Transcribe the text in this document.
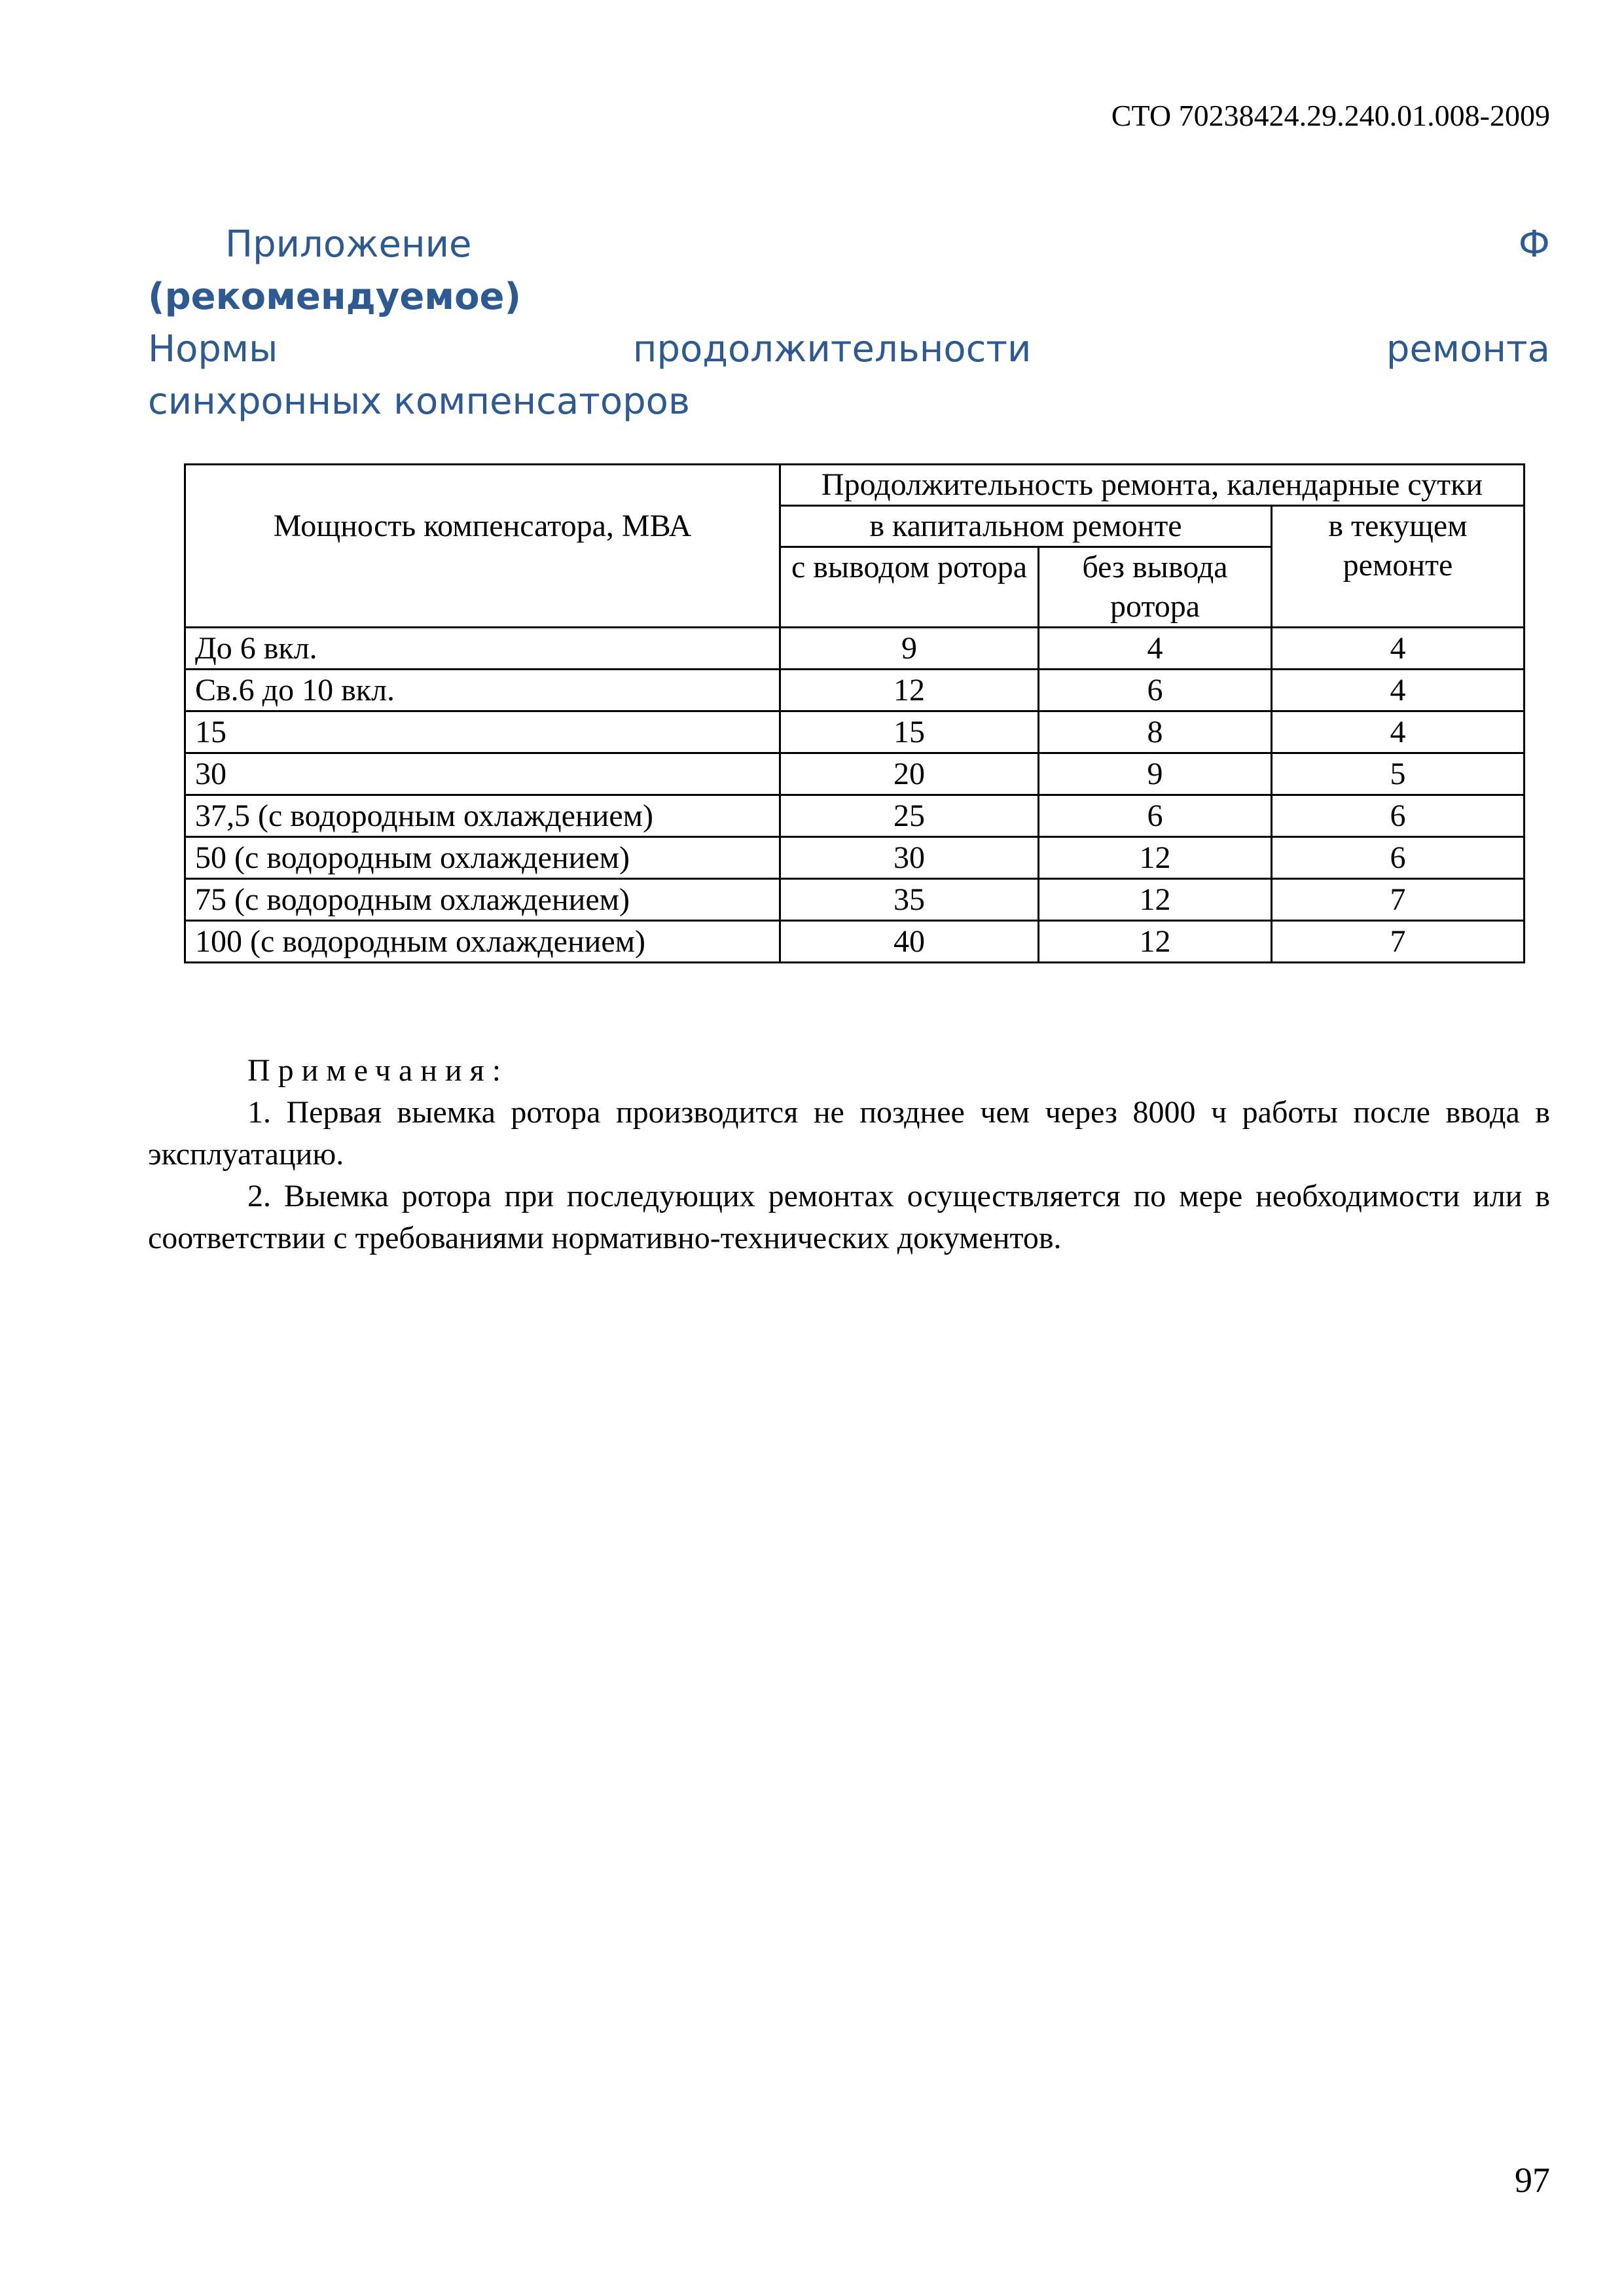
СТО 70238424.29.240.01.008-2009
Приложение	Ф
(рекомендуемое)
Нормы	продолжительности	ремонта
синхронных компенсаторов
Мощность компенсатора, МВА	Продолжительность ремонта, календарные сутки		
	в капитальном ремонте		в текущем ремонте
	с выводом ротора	без вывода ротора	
До 6 вкл.	9	4	4
Св.6 до 10 вкл.	12	6	4
15	15	8	4
30	20	9	5
37,5 (с водородным охлаждением)	25	6	6
50 (с водородным охлаждением)	30	12	6
75 (с водородным охлаждением)	35	12	7
100 (с водородным охлаждением)	40	12	7
Примечания:

1. Первая выемка ротора производится не позднее чем через 8000 ч работы после ввода в эксплуатацию.

2. Выемка ротора при последующих ремонтах осуществляется по мере необходимости или в соответствии с требованиями нормативно-технических документов.

97
